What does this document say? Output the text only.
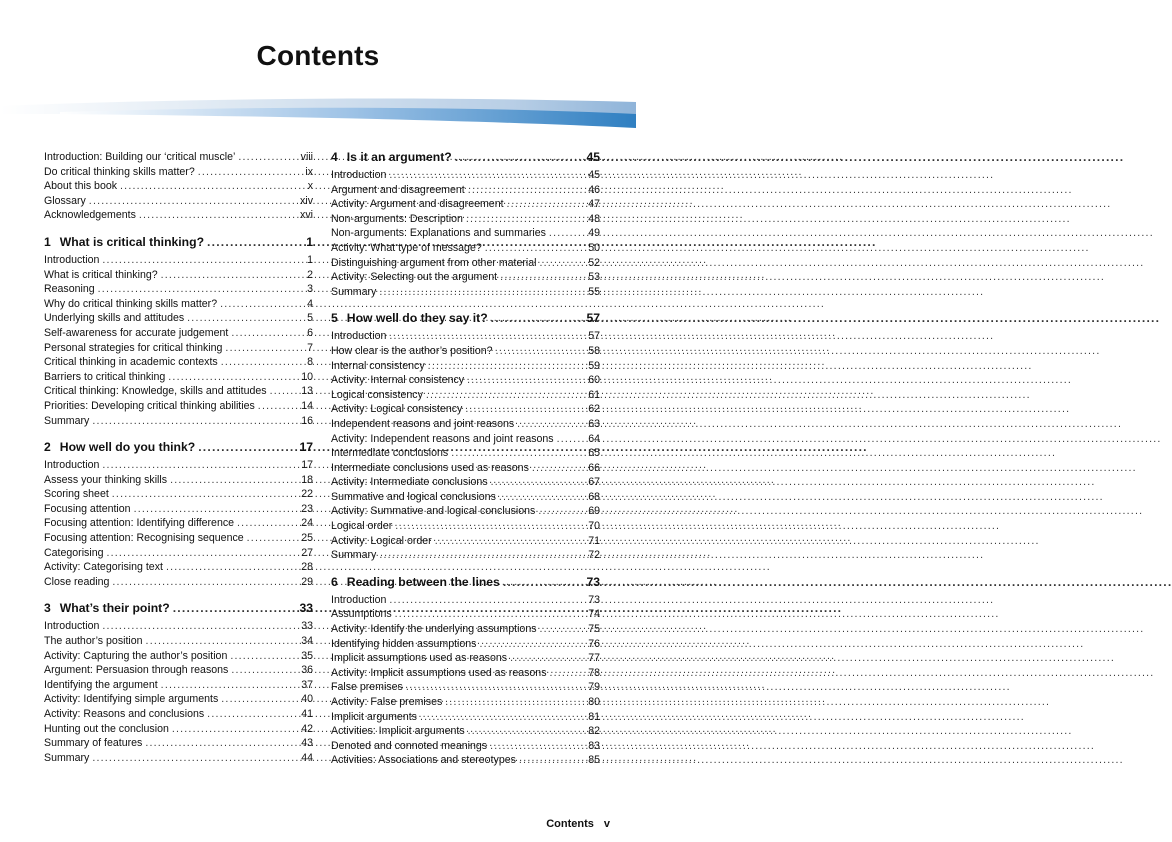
Contents
Introduction: Building our ‘critical muscle’ .....	viii
Do critical thinking skills matter? .....	ix
About this book .....	x
Glossary .....	xiv
Acknowledgements .....	xvi
1 What is critical thinking? .....	1
Introduction .....	1
What is critical thinking? .....	2
Reasoning .....	3
Why do critical thinking skills matter? .....	4
Underlying skills and attitudes .....	5
Self-awareness for accurate judgement .....	6
Personal strategies for critical thinking .....	7
Critical thinking in academic contexts .....	8
Barriers to critical thinking .....	10
Critical thinking: Knowledge, skills and attitudes .....	13
Priorities: Developing critical thinking abilities .....	14
Summary .....	16
2 How well do you think? .....	17
Introduction .....	17
Assess your thinking skills .....	18
Scoring sheet .....	22
Focusing attention .....	23
Focusing attention: Identifying difference .....	24
Focusing attention: Recognising sequence .....	25
Categorising .....	27
Activity: Categorising text .....	28
Close reading .....	29
3 What’s their point? .....	33
Introduction .....	33
The author’s position .....	34
Activity: Capturing the author’s position .....	35
Argument: Persuasion through reasons .....	36
Identifying the argument .....	37
Activity: Identifying simple arguments .....	40
Activity: Reasons and conclusions .....	41
Hunting out the conclusion .....	42
Summary of features .....	43
Summary .....	44
4 Is it an argument? .....	45
Introduction .....	45
Argument and disagreement .....	46
Activity: Argument and disagreement .....	47
Non-arguments: Description .....	48
Non-arguments: Explanations and summaries .....	49
Activity: What type of message? .....	50
Distinguishing argument from other material .....	52
Activity: Selecting out the argument .....	53
Summary .....	55
5 How well do they say it? .....	57
Introduction .....	57
How clear is the author’s position? .....	58
Internal consistency .....	59
Activity: Internal consistency .....	60
Logical consistency .....	61
Activity: Logical consistency .....	62
Independent reasons and joint reasons .....	63
Activity: Independent reasons and joint reasons .....	64
Intermediate conclusions .....	65
Intermediate conclusions used as reasons .....	66
Activity: Intermediate conclusions .....	67
Summative and logical conclusions .....	68
Activity: Summative and logical conclusions .....	69
Logical order .....	70
Activity: Logical order .....	71
Summary .....	72
6 Reading between the lines .....	73
Introduction .....	73
Assumptions .....	74
Activity: Identify the underlying assumptions .....	75
Identifying hidden assumptions .....	76
Implicit assumptions used as reasons .....	77
Activity: Implicit assumptions used as reasons .....	78
False premises .....	79
Activity: False premises .....	80
Implicit arguments .....	81
Activities: Implicit arguments .....	82
Denoted and connoted meanings .....	83
Activities: Associations and stereotypes .....	85
Contents v
